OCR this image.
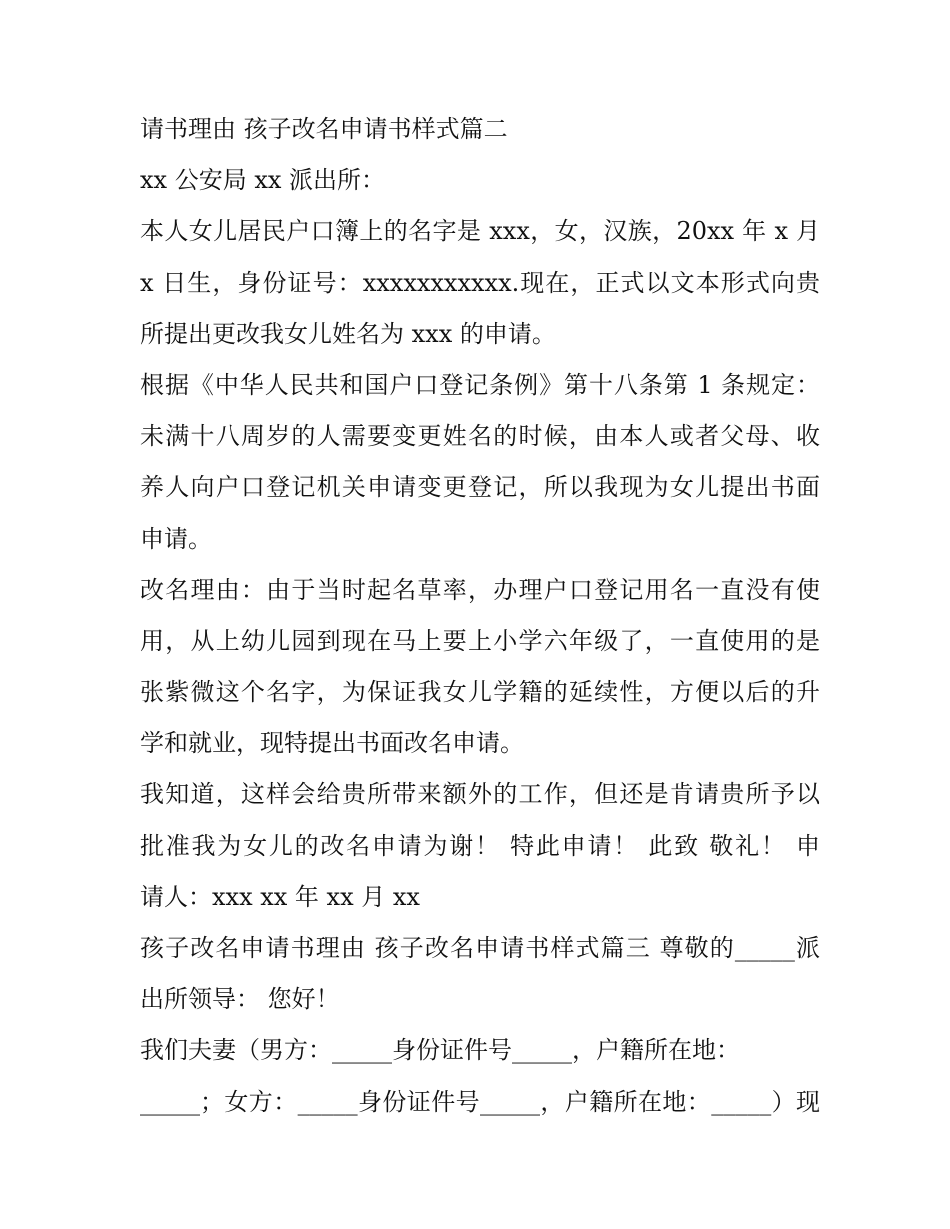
请书理由 孩子改名申请书样式篇二
xx 公安局 xx 派出所：
本人女儿居民户口簿上的名字是 xxx，女，汉族，20xx 年 x 月
x 日生，身份证号：xxxxxxxxxxx.现在，正式以文本形式向贵
所提出更改我女儿姓名为 xxx 的申请。
根据《中华人民共和国户口登记条例》第十八条第 1 条规定：
未满十八周岁的人需要变更姓名的时候，由本人或者父母、收
养人向户口登记机关申请变更登记，所以我现为女儿提出书面
申请。
改名理由：由于当时起名草率，办理户口登记用名一直没有使
用，从上幼儿园到现在马上要上小学六年级了，一直使用的是
张紫微这个名字，为保证我女儿学籍的延续性，方便以后的升
学和就业，现特提出书面改名申请。
我知道，这样会给贵所带来额外的工作，但还是肯请贵所予以
批准我为女儿的改名申请为谢！ 特此申请！ 此致 敬礼！ 申
请人：xxx xx 年 xx 月 xx
孩子改名申请书理由 孩子改名申请书样式篇三 尊敬的_____派
出所领导： 您好！
我们夫妻（男方：_____身份证件号_____，户籍所在地：
_____；女方：_____身份证件号_____，户籍所在地：_____）现
